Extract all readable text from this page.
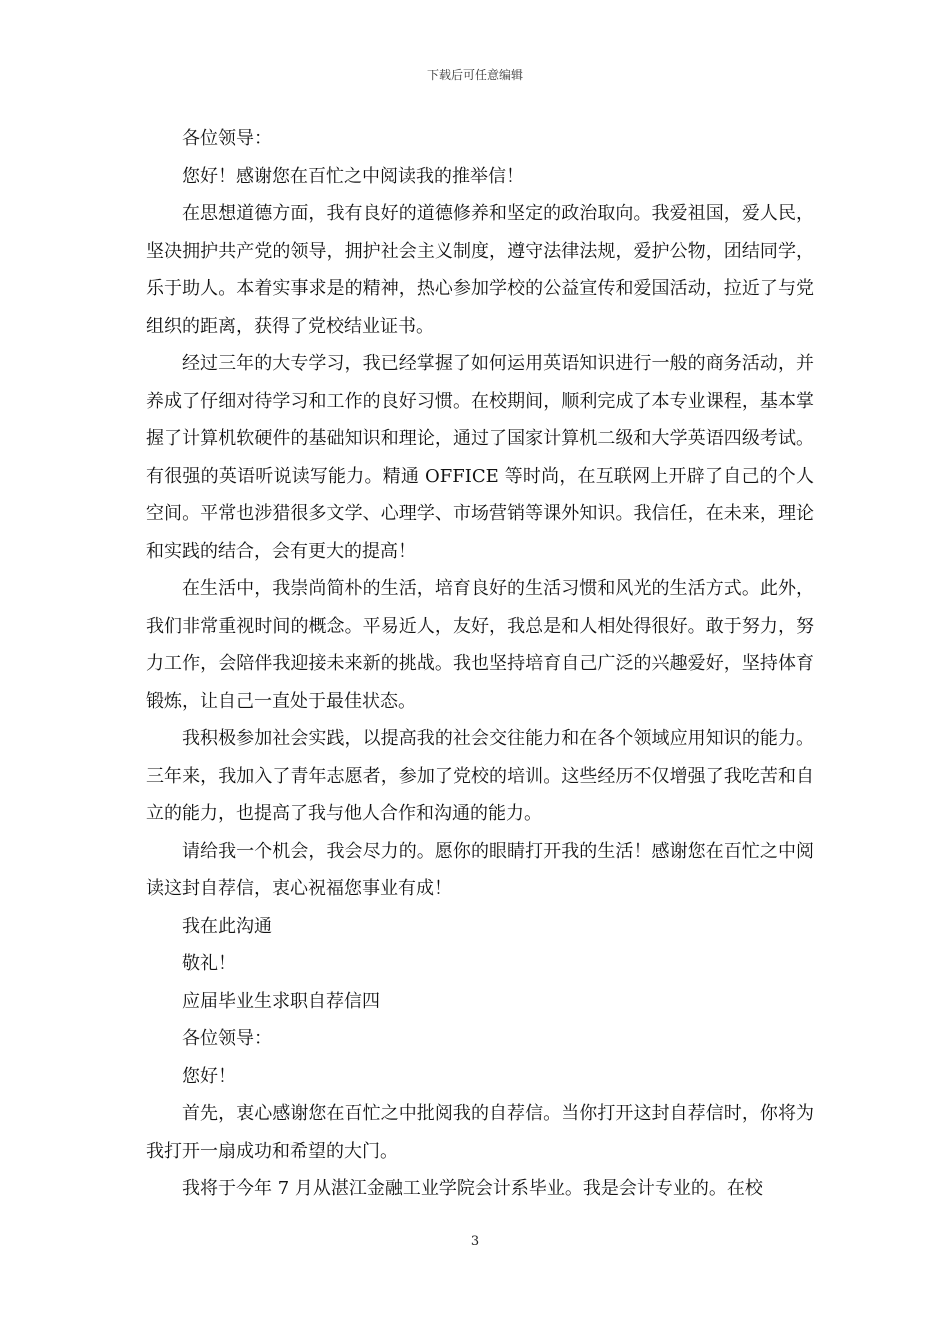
下载后可任意编辑

各位领导：

您好！感谢您在百忙之中阅读我的推举信！

在思想道德方面，我有良好的道德修养和坚定的政治取向。我爱祖国，爱人民，坚决拥护共产党的领导，拥护社会主义制度，遵守法律法规，爱护公物，团结同学，乐于助人。本着实事求是的精神，热心参加学校的公益宣传和爱国活动，拉近了与党组织的距离，获得了党校结业证书。

经过三年的大专学习，我已经掌握了如何运用英语知识进行一般的商务活动，并养成了仔细对待学习和工作的良好习惯。在校期间，顺利完成了本专业课程，基本掌握了计算机软硬件的基础知识和理论，通过了国家计算机二级和大学英语四级考试。有很强的英语听说读写能力。精通 OFFICE 等时尚，在互联网上开辟了自己的个人空间。平常也涉猎很多文学、心理学、市场营销等课外知识。我信任，在未来，理论和实践的结合，会有更大的提高！

在生活中，我崇尚简朴的生活，培育良好的生活习惯和风光的生活方式。此外，我们非常重视时间的概念。平易近人，友好，我总是和人相处得很好。敢于努力，努力工作，会陪伴我迎接未来新的挑战。我也坚持培育自己广泛的兴趣爱好，坚持体育锻炼，让自己一直处于最佳状态。

我积极参加社会实践，以提高我的社会交往能力和在各个领域应用知识的能力。三年来，我加入了青年志愿者，参加了党校的培训。这些经历不仅增强了我吃苦和自立的能力，也提高了我与他人合作和沟通的能力。

请给我一个机会，我会尽力的。愿你的眼睛打开我的生活！感谢您在百忙之中阅读这封自荐信，衷心祝福您事业有成！

我在此沟通

敬礼！

应届毕业生求职自荐信四

各位领导：

您好！

首先，衷心感谢您在百忙之中批阅我的自荐信。当你打开这封自荐信时，你将为我打开一扇成功和希望的大门。

我将于今年 7 月从湛江金融工业学院会计系毕业。我是会计专业的。在校

3
